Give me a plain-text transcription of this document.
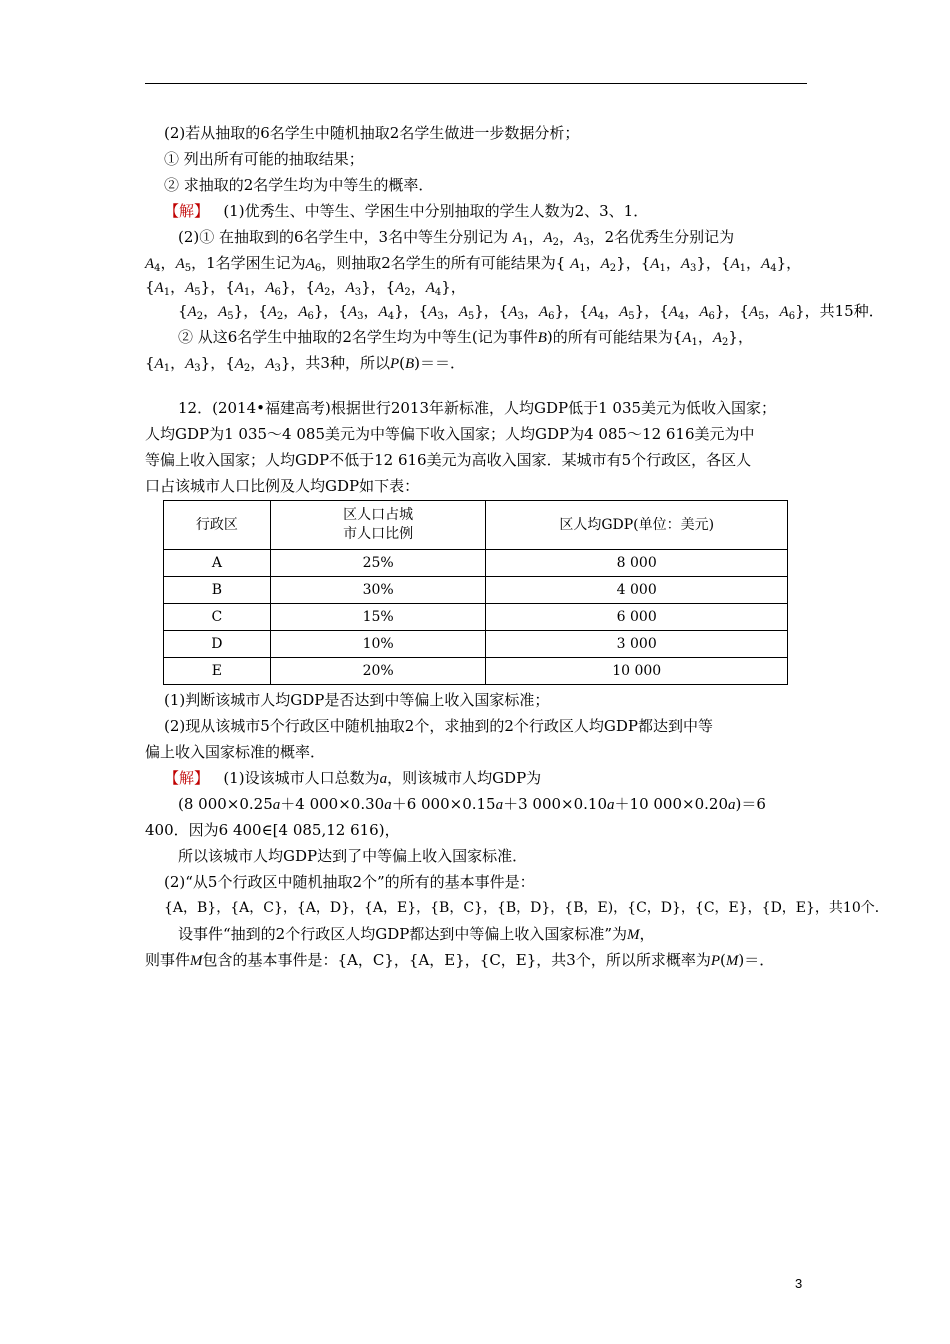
(2)若从抽取的6名学生中随机抽取2名学生做进一步数据分析；
① 列出所有可能的抽取结果；
② 求抽取的2名学生均为中等生的概率．
【解】 (1)优秀生、中等生、学困生中分别抽取的学生人数为2、3、1．
(2)① 在抽取到的6名学生中，3名中等生分别记为 $A_1$，$A_2$，$A_3$，2名优秀生分别记为
$A_4$，$A_5$，1名学困生记为$A_6$，则抽取2名学生的所有可能结果为{ $A_1$，$A_2$}，{$A_1$，$A_3$}，{$A_1$，$A_4$}，
{$A_1$，$A_5$}，{$A_1$，$A_6$}，{$A_2$，$A_3$}，{$A_2$，$A_4$}，
{$A_2$，$A_5$}，{$A_2$，$A_6$}，{$A_3$，$A_4$}，{$A_3$，$A_5$}，{$A_3$，$A_6$}，{$A_4$，$A_5$}，{$A_4$，$A_6$}，{$A_5$，$A_6$}，共15种．
② 从这6名学生中抽取的2名学生均为中等生(记为事件B)的所有可能结果为{$A_1$，$A_2$}，
{$A_1$，$A_3$}，{$A_2$，$A_3$}，共3种，所以P(B)＝＝．
12．(2014•福建高考)根据世行2013年新标准，人均GDP低于1 035美元为低收入国家；
人均GDP为1 035～4 085美元为中等偏下收入国家；人均GDP为4 085～12 616美元为中
等偏上收入国家；人均GDP不低于12 616美元为高收入国家．某城市有5个行政区，各区人
口占该城市人口比例及人均GDP如下表：
行政区	区人口占城
市人口比例	区人均GDP(单位：美元)
A	25%	8 000
B	30%	4 000
C	15%	6 000
D	10%	3 000
E	20%	10 000
(1)判断该城市人均GDP是否达到中等偏上收入国家标准；
(2)现从该城市5个行政区中随机抽取2个，求抽到的2个行政区人均GDP都达到中等
偏上收入国家标准的概率．
【解】 (1)设该城市人口总数为a，则该城市人均GDP为
(8 000×0.25a＋4 000×0.30a＋6 000×0.15a＋3 000×0.10a＋10 000×0.20a)＝6
400．因为6 400∈[4 085,12 616)，
所以该城市人均GDP达到了中等偏上收入国家标准．
(2)“从5个行政区中随机抽取2个”的所有的基本事件是：
{A，B}，{A，C}，{A，D}，{A，E}，{B，C}，{B，D}，{B，E)，{C，D}，{C，E}，{D，E}，共10个．
设事件“抽到的2个行政区人均GDP都达到中等偏上收入国家标准”为M，
则事件M包含的基本事件是：{A，C}，{A，E}，{C，E}，共3个，所以所求概率为P(M)＝．
3
